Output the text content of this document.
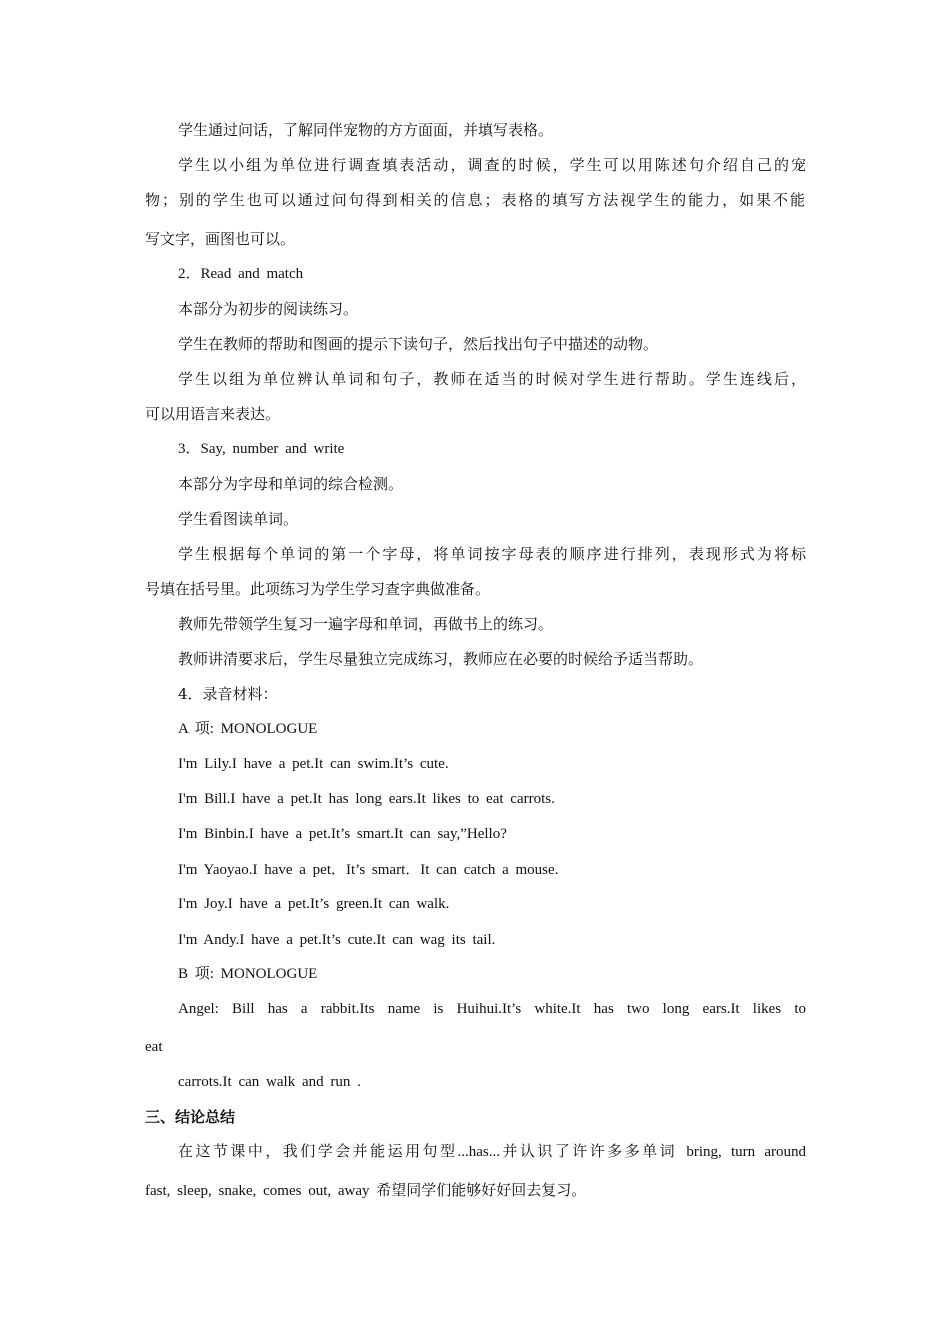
学生通过问话，了解同伴宠物的方方面面，并填写表格。
学生以小组为单位进行调查填表活动，调查的时候，学生可以用陈述句介绍自己的宠
物；别的学生也可以通过问句得到相关的信息；表格的填写方法视学生的能力，如果不能
写文字，画图也可以。
2．Read and match
本部分为初步的阅读练习。
学生在教师的帮助和图画的提示下读句子，然后找出句子中描述的动物。
学生以组为单位辨认单词和句子，教师在适当的时候对学生进行帮助。学生连线后，
可以用语言来表达。
3．Say, number and write
本部分为字母和单词的综合检测。
学生看图读单词。
学生根据每个单词的第一个字母，将单词按字母表的顺序进行排列，表现形式为将标
号填在括号里。此项练习为学生学习查字典做准备。
教师先带领学生复习一遍字母和单词，再做书上的练习。
教师讲清要求后，学生尽量独立完成练习，教师应在必要的时候给予适当帮助。
4．录音材料：
A 项: MONOLOGUE
I'm Lily.I have a pet.It can swim.It’s cute.
I'm Bill.I have a pet.It has long ears.It likes to eat carrots.
I'm Binbin.I have a pet.It’s smart.It can say,”Hello?
I'm Yaoyao.I have a pet．It’s smart．It can catch a mouse.
I'm Joy.I have a pet.It’s green.It can walk.
I'm Andy.I have a pet.It’s cute.It can wag its tail.
B 项: MONOLOGUE
Angel: Bill has a rabbit.Its name is Huihui.It’s white.It has two long ears.It likes to
eat
carrots.It can walk and run .
三、结论总结
在这节课中，我们学会并能运用句型...has...并认识了许许多多单词 bring, turn around
fast, sleep, snake, comes out, away 希望同学们能够好好回去复习。
